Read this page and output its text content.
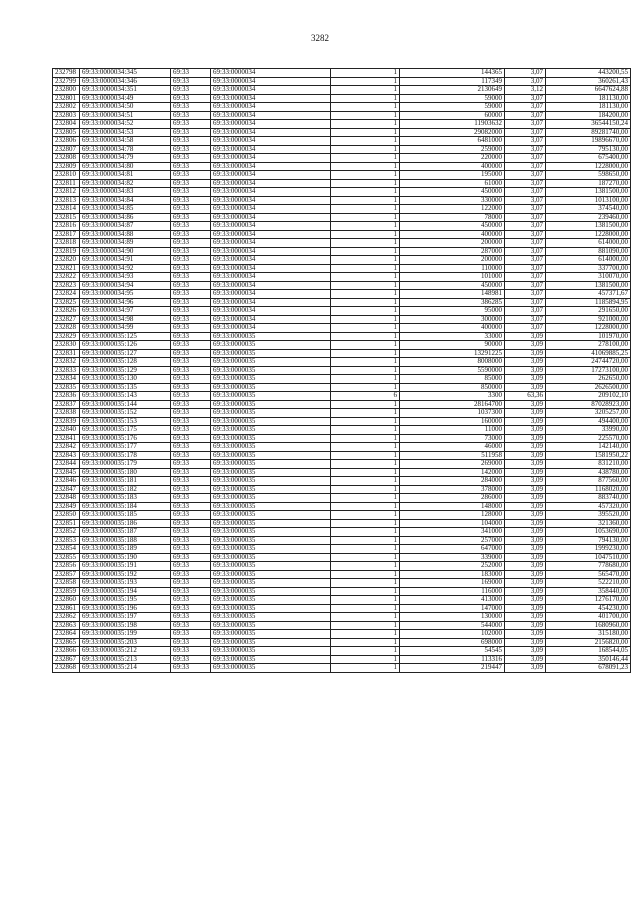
3282
232798	69:33:0000034:345	69:33	69:33:0000034	1	144365	3,07	443200,55
232799	69:33:0000034:346	69:33	69:33:0000034	1	117349	3,07	360261,43
232800	69:33:0000034:351	69:33	69:33:0000034	1	2130649	3,12	6647624,88
232801	69:33:0000034:49	69:33	69:33:0000034	1	59000	3,07	181130,00
232802	69:33:0000034:50	69:33	69:33:0000034	1	59000	3,07	181130,00
232803	69:33:0000034:51	69:33	69:33:0000034	1	60000	3,07	184200,00
232804	69:33:0000034:52	69:33	69:33:0000034	1	11903632	3,07	36544150,24
232805	69:33:0000034:53	69:33	69:33:0000034	1	29082000	3,07	89281740,00
232806	69:33:0000034:58	69:33	69:33:0000034	1	6481000	3,07	19896670,00
232807	69:33:0000034:78	69:33	69:33:0000034	1	259000	3,07	795130,00
232808	69:33:0000034:79	69:33	69:33:0000034	1	220000	3,07	675400,00
232809	69:33:0000034:80	69:33	69:33:0000034	1	400000	3,07	1228000,00
232810	69:33:0000034:81	69:33	69:33:0000034	1	195000	3,07	598650,00
232811	69:33:0000034:82	69:33	69:33:0000034	1	61000	3,07	187270,00
232812	69:33:0000034:83	69:33	69:33:0000034	1	450000	3,07	1381500,00
232813	69:33:0000034:84	69:33	69:33:0000034	1	330000	3,07	1013100,00
232814	69:33:0000034:85	69:33	69:33:0000034	1	122000	3,07	374540,00
232815	69:33:0000034:86	69:33	69:33:0000034	1	78000	3,07	239460,00
232816	69:33:0000034:87	69:33	69:33:0000034	1	450000	3,07	1381500,00
232817	69:33:0000034:88	69:33	69:33:0000034	1	400000	3,07	1228000,00
232818	69:33:0000034:89	69:33	69:33:0000034	1	200000	3,07	614000,00
232819	69:33:0000034:90	69:33	69:33:0000034	1	287000	3,07	881090,00
232820	69:33:0000034:91	69:33	69:33:0000034	1	200000	3,07	614000,00
232821	69:33:0000034:92	69:33	69:33:0000034	1	110000	3,07	337700,00
232822	69:33:0000034:93	69:33	69:33:0000034	1	101000	3,07	310070,00
232823	69:33:0000034:94	69:33	69:33:0000034	1	450000	3,07	1381500,00
232824	69:33:0000034:95	69:33	69:33:0000034	1	148981	3,07	457371,67
232825	69:33:0000034:96	69:33	69:33:0000034	1	386285	3,07	1185894,95
232826	69:33:0000034:97	69:33	69:33:0000034	1	95000	3,07	291650,00
232827	69:33:0000034:98	69:33	69:33:0000034	1	300000	3,07	921000,00
232828	69:33:0000034:99	69:33	69:33:0000034	1	400000	3,07	1228000,00
232829	69:33:0000035:125	69:33	69:33:0000035	1	33000	3,09	101970,00
232830	69:33:0000035:126	69:33	69:33:0000035	1	90000	3,09	278100,00
232831	69:33:0000035:127	69:33	69:33:0000035	1	13291225	3,09	41069885,25
232832	69:33:0000035:128	69:33	69:33:0000035	1	8008000	3,09	24744720,00
232833	69:33:0000035:129	69:33	69:33:0000035	1	5590000	3,09	17273100,00
232834	69:33:0000035:130	69:33	69:33:0000035	1	85000	3,09	262650,00
232835	69:33:0000035:135	69:33	69:33:0000035	1	850000	3,09	2626500,00
232836	69:33:0000035:143	69:33	69:33:0000035	6	3300	63,36	209102,10
232837	69:33:0000035:144	69:33	69:33:0000035	1	28164700	3,09	87028923,00
232838	69:33:0000035:152	69:33	69:33:0000035	1	1037300	3,09	3205257,00
232839	69:33:0000035:153	69:33	69:33:0000035	1	160000	3,09	494400,00
232840	69:33:0000035:175	69:33	69:33:0000035	1	11000	3,09	33990,00
232841	69:33:0000035:176	69:33	69:33:0000035	1	73000	3,09	225570,00
232842	69:33:0000035:177	69:33	69:33:0000035	1	46000	3,09	142140,00
232843	69:33:0000035:178	69:33	69:33:0000035	1	511958	3,09	1581950,22
232844	69:33:0000035:179	69:33	69:33:0000035	1	269000	3,09	831210,00
232845	69:33:0000035:180	69:33	69:33:0000035	1	142000	3,09	438780,00
232846	69:33:0000035:181	69:33	69:33:0000035	1	284000	3,09	877560,00
232847	69:33:0000035:182	69:33	69:33:0000035	1	378000	3,09	1168020,00
232848	69:33:0000035:183	69:33	69:33:0000035	1	286000	3,09	883740,00
232849	69:33:0000035:184	69:33	69:33:0000035	1	148000	3,09	457320,00
232850	69:33:0000035:185	69:33	69:33:0000035	1	128000	3,09	395520,00
232851	69:33:0000035:186	69:33	69:33:0000035	1	104000	3,09	321360,00
232852	69:33:0000035:187	69:33	69:33:0000035	1	341000	3,09	1053690,00
232853	69:33:0000035:188	69:33	69:33:0000035	1	257000	3,09	794130,00
232854	69:33:0000035:189	69:33	69:33:0000035	1	647000	3,09	1999230,00
232855	69:33:0000035:190	69:33	69:33:0000035	1	339000	3,09	1047510,00
232856	69:33:0000035:191	69:33	69:33:0000035	1	252000	3,09	778680,00
232857	69:33:0000035:192	69:33	69:33:0000035	1	183000	3,09	565470,00
232858	69:33:0000035:193	69:33	69:33:0000035	1	169000	3,09	522210,00
232859	69:33:0000035:194	69:33	69:33:0000035	1	116000	3,09	358440,00
232860	69:33:0000035:195	69:33	69:33:0000035	1	413000	3,09	1276170,00
232861	69:33:0000035:196	69:33	69:33:0000035	1	147000	3,09	454230,00
232862	69:33:0000035:197	69:33	69:33:0000035	1	130000	3,09	401700,00
232863	69:33:0000035:198	69:33	69:33:0000035	1	544000	3,09	1680960,00
232864	69:33:0000035:199	69:33	69:33:0000035	1	102000	3,09	315180,00
232865	69:33:0000035:203	69:33	69:33:0000035	1	698000	3,09	2156820,00
232866	69:33:0000035:212	69:33	69:33:0000035	1	54545	3,09	168544,05
232867	69:33:0000035:213	69:33	69:33:0000035	1	113316	3,09	350146,44
232868	69:33:0000035:214	69:33	69:33:0000035	1	219447	3,09	678091,23
